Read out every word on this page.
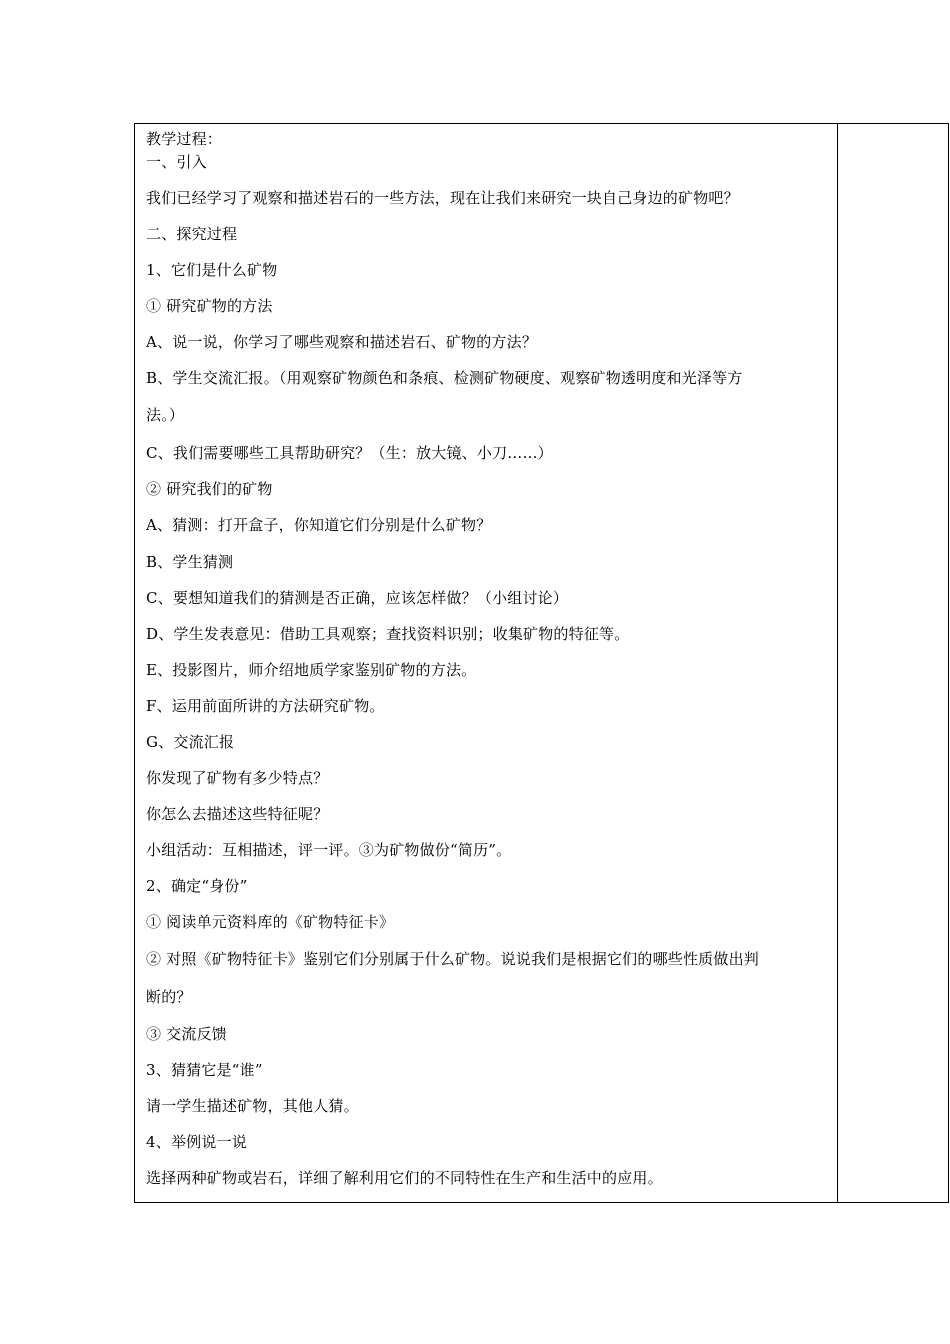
教学过程：
一、引入
我们已经学习了观察和描述岩石的一些方法，现在让我们来研究一块自己身边的矿物吧？
二、探究过程
1、它们是什么矿物
① 研究矿物的方法
A、说一说，你学习了哪些观察和描述岩石、矿物的方法？
B、学生交流汇报。（用观察矿物颜色和条痕、检测矿物硬度、观察矿物透明度和光泽等方
法。）
C、我们需要哪些工具帮助研究？（生：放大镜、小刀……）
② 研究我们的矿物
A、猜测：打开盒子，你知道它们分别是什么矿物？
B、学生猜测
C、要想知道我们的猜测是否正确，应该怎样做？（小组讨论）
D、学生发表意见：借助工具观察；查找资料识别；收集矿物的特征等。
E、投影图片，师介绍地质学家鉴别矿物的方法。
F、运用前面所讲的方法研究矿物。
G、交流汇报
你发现了矿物有多少特点？
你怎么去描述这些特征呢？
小组活动：互相描述，评一评。③为矿物做份“简历”。
2、确定“身份”
① 阅读单元资料库的《矿物特征卡》
② 对照《矿物特征卡》鉴别它们分别属于什么矿物。说说我们是根据它们的哪些性质做出判
断的？
③ 交流反馈
3、猜猜它是“谁”
请一学生描述矿物，其他人猜。
4、举例说一说
选择两种矿物或岩石，详细了解利用它们的不同特性在生产和生活中的应用。
